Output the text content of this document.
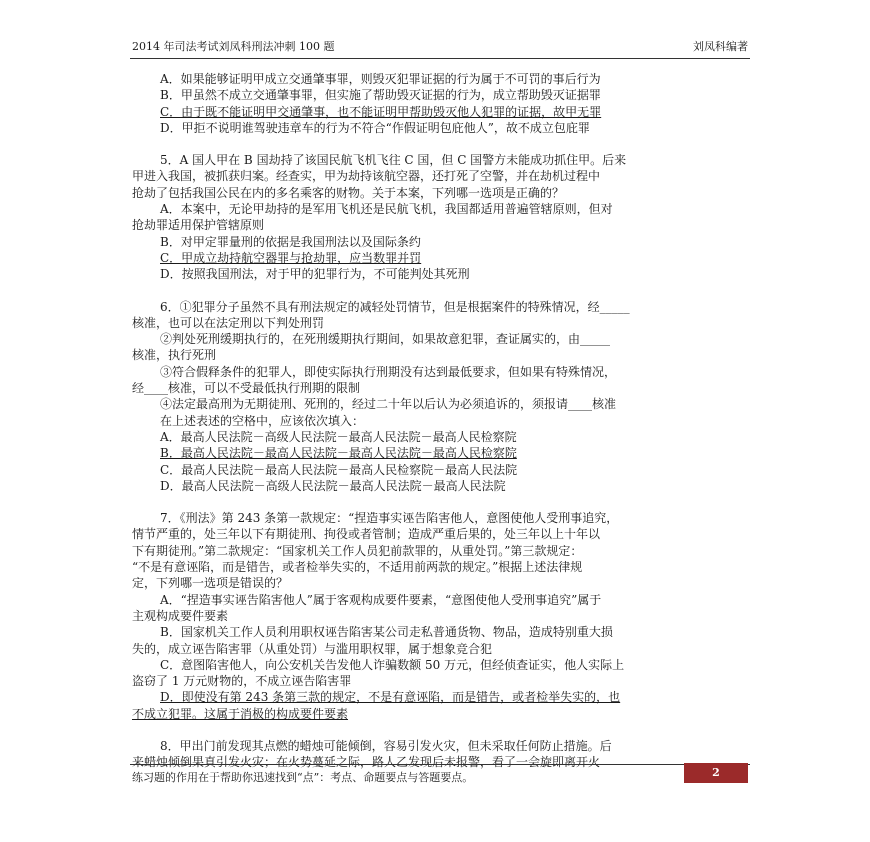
2014 年司法考试刘凤科刑法冲刺 100 题	刘凤科编著
A．如果能够证明甲成立交通肇事罪，则毁灭犯罪证据的行为属于不可罚的事后行为
B．甲虽然不成立交通肇事罪，但实施了帮助毁灭证据的行为，成立帮助毁灭证据罪
C．由于既不能证明甲交通肇事，也不能证明甲帮助毁灭他人犯罪的证据，故甲无罪
D．甲拒不说明谁驾驶违章车的行为不符合“作假证明包庇他人”，故不成立包庇罪
5．A 国人甲在 B 国劫持了该国民航飞机飞往 C 国，但 C 国警方未能成功抓住甲。后来
甲进入我国，被抓获归案。经查实，甲为劫持该航空器，还打死了空警，并在劫机过程中
抢劫了包括我国公民在内的多名乘客的财物。关于本案，下列哪一选项是正确的？
A．本案中，无论甲劫持的是军用飞机还是民航飞机，我国都适用普遍管辖原则，但对
抢劫罪适用保护管辖原则
B．对甲定罪量刑的依据是我国刑法以及国际条约
C．甲成立劫持航空器罪与抢劫罪，应当数罪并罚
D．按照我国刑法，对于甲的犯罪行为，不可能判处其死刑
6．①犯罪分子虽然不具有刑法规定的减轻处罚情节，但是根据案件的特殊情况，经_____
核准，也可以在法定刑以下判处刑罚
②判处死刑缓期执行的，在死刑缓期执行期间，如果故意犯罪，查证属实的，由_____
核准，执行死刑
③符合假释条件的犯罪人，即使实际执行刑期没有达到最低要求，但如果有特殊情况，
经____核准，可以不受最低执行刑期的限制
④法定最高刑为无期徒刑、死刑的，经过二十年以后认为必须追诉的，须报请____核准
在上述表述的空格中，应该依次填入：
A．最高人民法院－高级人民法院－最高人民法院－最高人民检察院
B．最高人民法院－最高人民法院－最高人民法院－最高人民检察院
C．最高人民法院－最高人民法院－最高人民检察院－最高人民法院
D．最高人民法院－高级人民法院－最高人民法院－最高人民法院
7．《刑法》第 243 条第一款规定：“捏造事实诬告陷害他人，意图使他人受刑事追究，
情节严重的，处三年以下有期徒刑、拘役或者管制；造成严重后果的，处三年以上十年以
下有期徒刑。”第二款规定：“国家机关工作人员犯前款罪的，从重处罚。”第三款规定：
“不是有意诬陷，而是错告，或者检举失实的，不适用前两款的规定。”根据上述法律规
定，下列哪一选项是错误的？
A．“捏造事实诬告陷害他人”属于客观构成要件要素，“意图使他人受刑事追究”属于
主观构成要件要素
B．国家机关工作人员利用职权诬告陷害某公司走私普通货物、物品，造成特别重大损
失的，成立诬告陷害罪（从重处罚）与滥用职权罪，属于想象竞合犯
C．意图陷害他人，向公安机关告发他人诈骗数额 50 万元，但经侦查证实，他人实际上
盗窃了 1 万元财物的，不成立诬告陷害罪
D．即使没有第 243 条第三款的规定，不是有意诬陷，而是错告，或者检举失实的，也
不成立犯罪。这属于消极的构成要件要素
8．甲出门前发现其点燃的蜡烛可能倾倒，容易引发火灾，但未采取任何防止措施。后
来蜡烛倾倒果真引发火灾；在火势蔓延之际，路人乙发现后未报警，看了一会旋即离开火
练习题的作用在于帮助你迅速找到“点”：考点、命题要点与答题要点。	2
